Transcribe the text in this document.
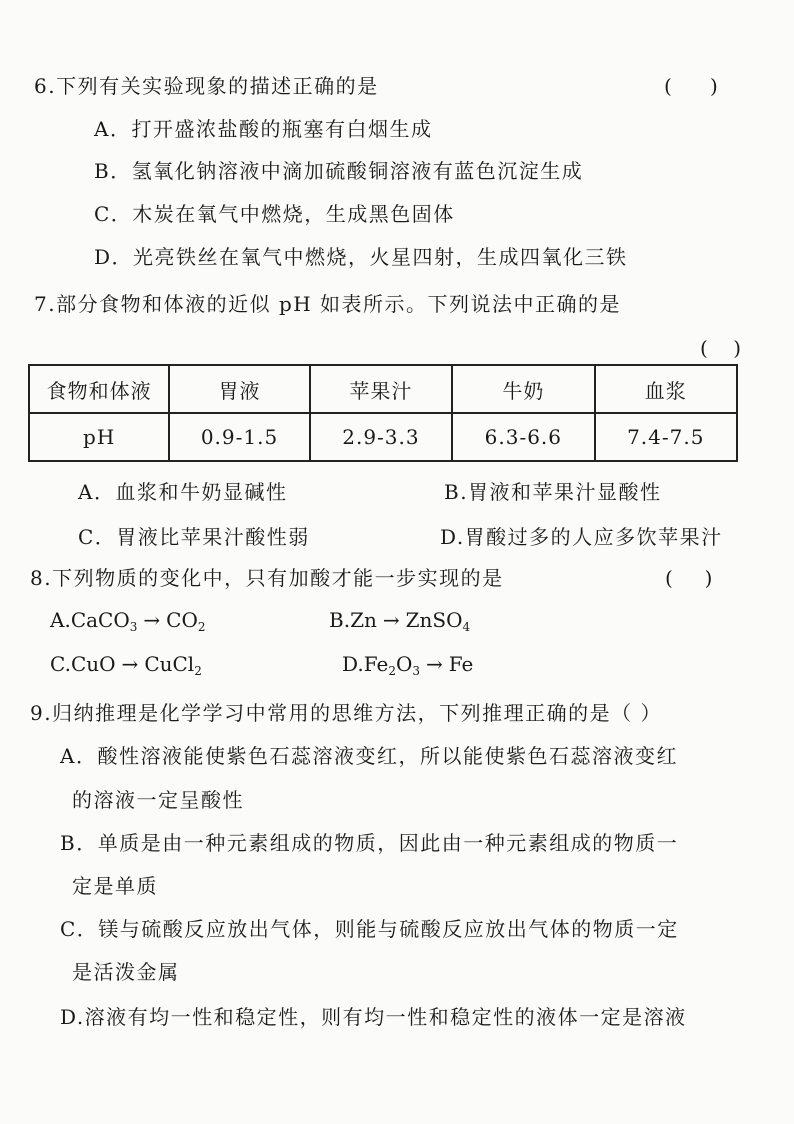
6.下列有关实验现象的描述正确的是	(      )
A．打开盛浓盐酸的瓶塞有白烟生成
B．氢氧化钠溶液中滴加硫酸铜溶液有蓝色沉淀生成
C．木炭在氧气中燃烧，生成黑色固体
D．光亮铁丝在氧气中燃烧，火星四射，生成四氧化三铁
7.部分食物和体液的近似 pH 如表所示。下列说法中正确的是
(    )
食物和体液	胃液	苹果汁	牛奶	血浆
pH	0.9-1.5	2.9-3.3	6.3-6.6	7.4-7.5
A．血浆和牛奶显碱性	B.胃液和苹果汁显酸性
C．胃液比苹果汁酸性弱	D.胃酸过多的人应多饮苹果汁
8.下列物质的变化中，只有加酸才能一步实现的是	(     )
A.CaCO$_3$ → $CO_2$	B.Zn → ZnSO$_4$
C.CuO → CuCl$_2$	$D.Fe_2O_3 \to Fe$
9.归纳推理是化学学习中常用的思维方法，下列推理正确的是（ ）
A．酸性溶液能使紫色石蕊溶液变红，所以能使紫色石蕊溶液变红
的溶液一定呈酸性
B．单质是由一种元素组成的物质，因此由一种元素组成的物质一
定是单质
C．镁与硫酸反应放出气体，则能与硫酸反应放出气体的物质一定
是活泼金属
D.溶液有均一性和稳定性，则有均一性和稳定性的液体一定是溶液
